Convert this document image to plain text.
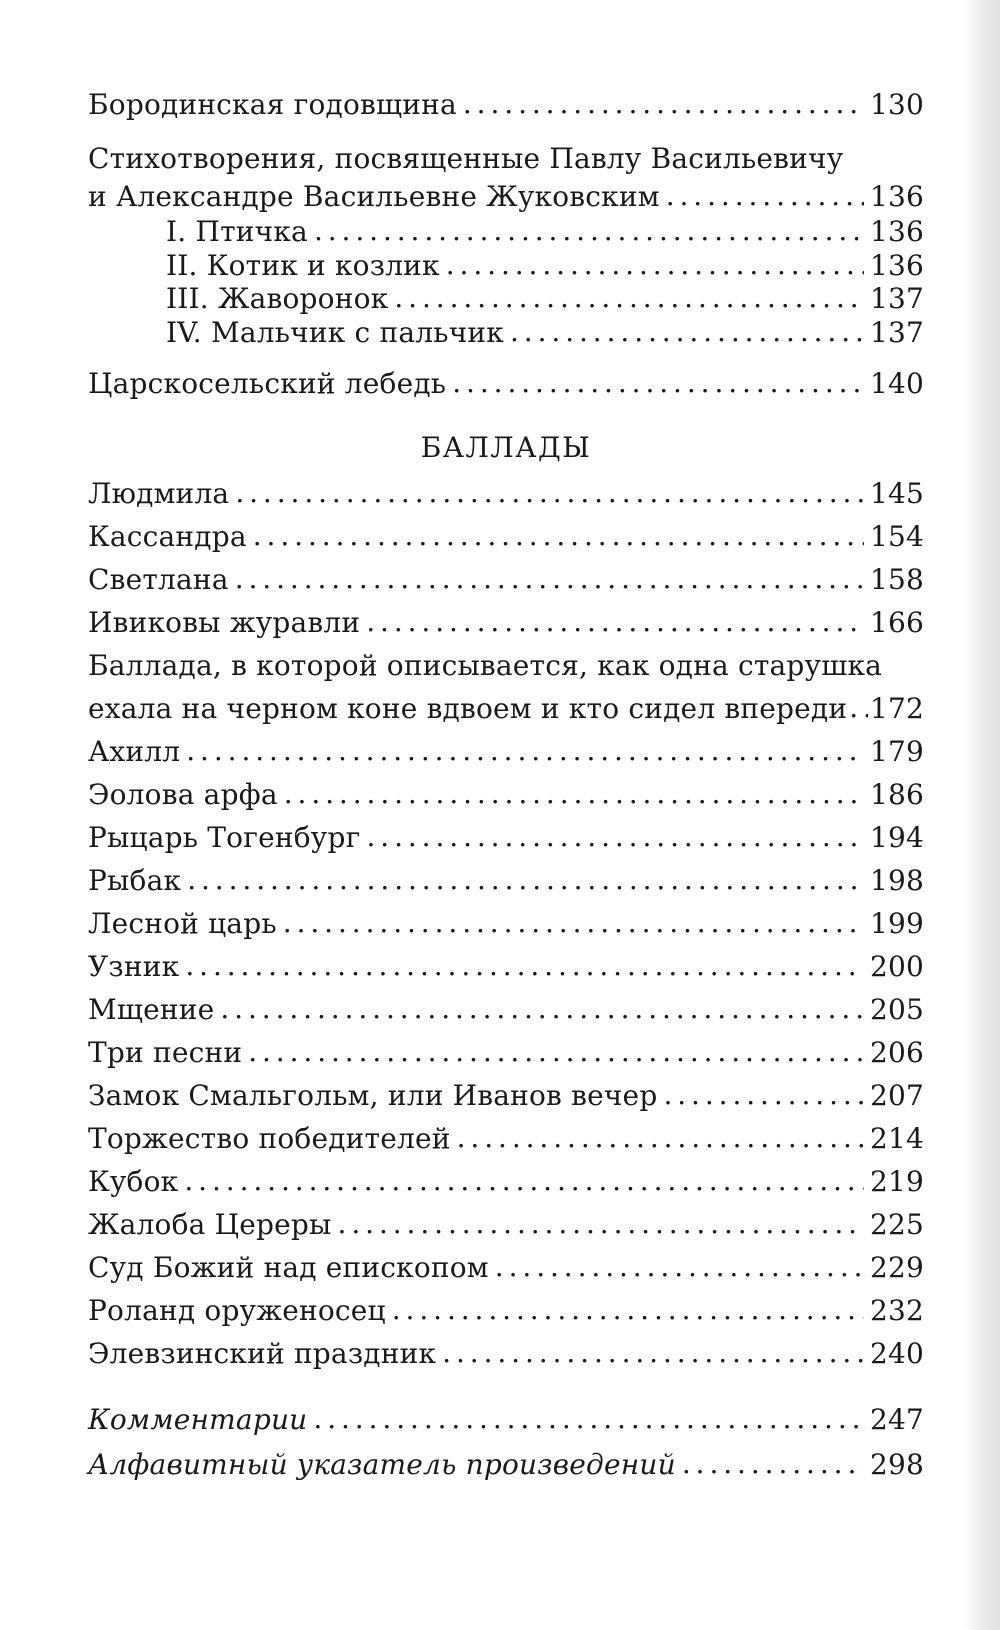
Бородинская годовщина . . .	130
Стихотворения, посвященные Павлу Васильевичу
и Александре Васильевне Жуковским . . .	136
I. Птичка . . .	136
II. Котик и козлик . . .	136
III. Жаворонок . . .	137
IV. Мальчик с пальчик . . .	137
Царскосельский лебедь . . .	140
БАЛЛАДЫ
Людмила . . .	145
Кассандра . . .	154
Светлана . . .	158
Ивиковы журавли . . .	166
Баллада, в которой описывается, как одна старушка
ехала на черном коне вдвоем и кто сидел впереди . . . 172
Ахилл . . .	179
Эолова арфа . . .	186
Рыцарь Тогенбург . . .	194
Рыбак . . .	198
Лесной царь . . .	199
Узник . . .	200
Мщение . . .	205
Три песни . . .	206
Замок Смальгольм, или Иванов вечер . . .	207
Торжество победителей . . .	214
Кубок . . .	219
Жалоба Цереры . . .	225
Суд Божий над епископом . . .	229
Роланд оруженосец . . .	232
Элевзинский праздник . . .	240
Комментарии . . .	247
Алфавитный указатель произведений . . .	298
